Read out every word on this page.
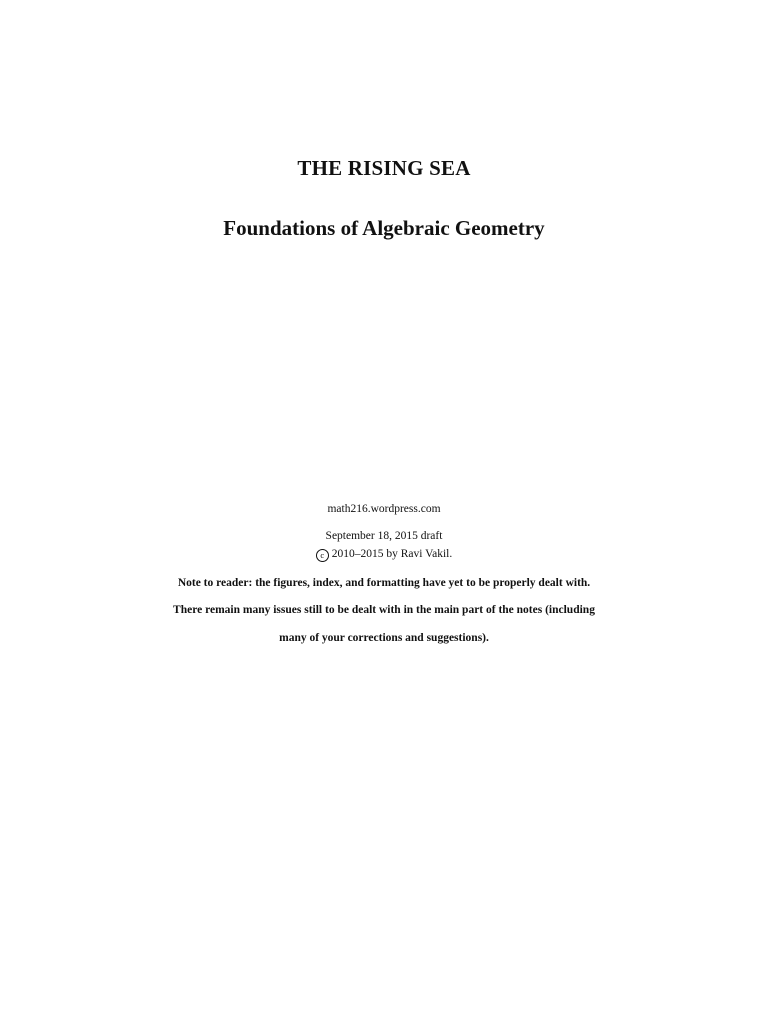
THE RISING SEA
Foundations of Algebraic Geometry
math216.wordpress.com
September 18, 2015 draft
c 2010–2015 by Ravi Vakil.
Note to reader: the figures, index, and formatting have yet to be properly dealt with.
There remain many issues still to be dealt with in the main part of the notes (including
many of your corrections and suggestions).
